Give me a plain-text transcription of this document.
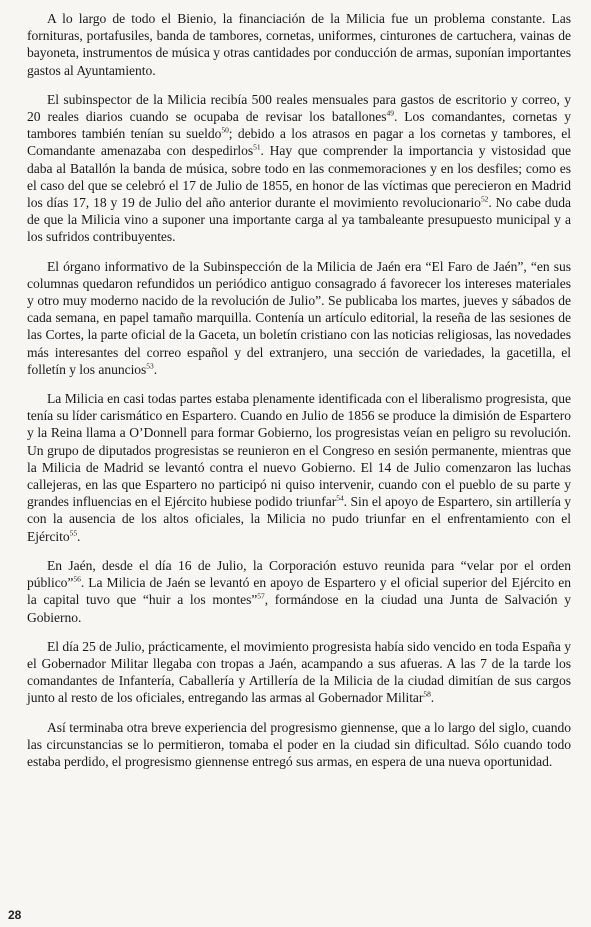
A lo largo de todo el Bienio, la financiación de la Milicia fue un problema constante. Las fornituras, portafusiles, banda de tambores, cornetas, uniformes, cinturones de cartuchera, vainas de bayoneta, instrumentos de música y otras cantidades por conducción de armas, suponían importantes gastos al Ayuntamiento.

El subinspector de la Milicia recibía 500 reales mensuales para gastos de escritorio y correo, y 20 reales diarios cuando se ocupaba de revisar los batallones$^{49}$. Los comandantes, cornetas y tambores también tenían su sueldo$^{50}$; debido a los atrasos en pagar a los cornetas y tambores, el Comandante amenazaba con despedirlos$^{51}$. Hay que comprender la importancia y vistosidad que daba al Batallón la banda de música, sobre todo en las conmemoraciones y en los desfiles; como es el caso del que se celebró el 17 de Julio de 1855, en honor de las víctimas que perecieron en Madrid los días 17, 18 y 19 de Julio del año anterior durante el movimiento revolucionario$^{52}$. No cabe duda de que la Milicia vino a suponer una importante carga al ya tambaleante presupuesto municipal y a los sufridos contribuyentes.

El órgano informativo de la Subinspección de la Milicia de Jaén era “El Faro de Jaén”, “en sus columnas quedaron refundidos un periódico antiguo consagrado á favorecer los intereses materiales y otro muy moderno nacido de la revolución de Julio”. Se publicaba los martes, jueves y sábados de cada semana, en papel tamaño marquilla. Contenía un artículo editorial, la reseña de las sesiones de las Cortes, la parte oficial de la Gaceta, un boletín cristiano con las noticias religiosas, las novedades más interesantes del correo español y del extranjero, una sección de variedades, la gacetilla, el folletín y los anuncios$^{53}$.

La Milicia en casi todas partes estaba plenamente identificada con el liberalismo progresista, que tenía su líder carismático en Espartero. Cuando en Julio de 1856 se produce la dimisión de Espartero y la Reina llama a O’Donnell para formar Gobierno, los progresistas veían en peligro su revolución. Un grupo de diputados progresistas se reunieron en el Congreso en sesión permanente, mientras que la Milicia de Madrid se levantó contra el nuevo Gobierno. El 14 de Julio comenzaron las luchas callejeras, en las que Espartero no participó ni quiso intervenir, cuando con el pueblo de su parte y grandes influencias en el Ejército hubiese podido triunfar$^{54}$. Sin el apoyo de Espartero, sin artillería y con la ausencia de los altos oficiales, la Milicia no pudo triunfar en el enfrentamiento con el Ejército$^{55}$.

En Jaén, desde el día 16 de Julio, la Corporación estuvo reunida para “velar por el orden público”$^{56}$. La Milicia de Jaén se levantó en apoyo de Espartero y el oficial superior del Ejército en la capital tuvo que “huir a los montes”$^{57}$, formándose en la ciudad una Junta de Salvación y Gobierno.

El día 25 de Julio, prácticamente, el movimiento progresista había sido vencido en toda España y el Gobernador Militar llegaba con tropas a Jaén, acampando a sus afueras. A las 7 de la tarde los comandantes de Infantería, Caballería y Artillería de la Milicia de la ciudad dimitían de sus cargos junto al resto de los oficiales, entregando las armas al Gobernador Militar$^{58}$.

Así terminaba otra breve experiencia del progresismo giennense, que a lo largo del siglo, cuando las circunstancias se lo permitieron, tomaba el poder en la ciudad sin dificultad. Sólo cuando todo estaba perdido, el progresismo giennense entregó sus armas, en espera de una nueva oportunidad.

28
